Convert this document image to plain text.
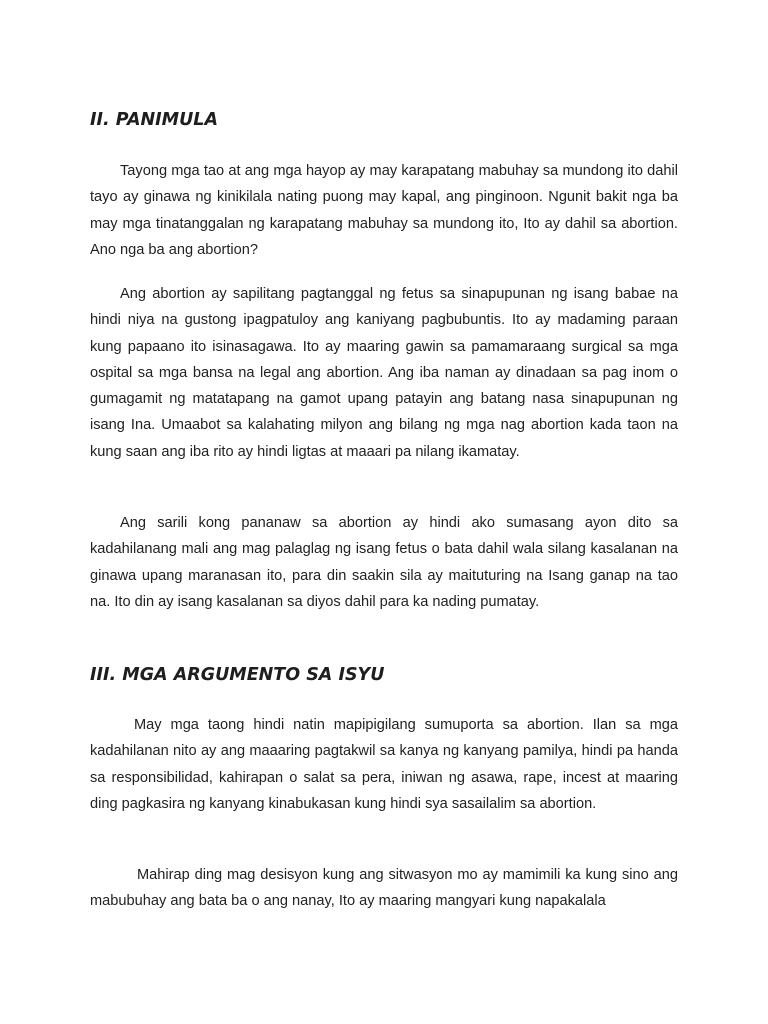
II. PANIMULA

Tayong mga tao at ang mga hayop ay may karapatang mabuhay sa mundong ito dahil tayo ay ginawa ng kinikilala nating puong may kapal, ang pinginoon. Ngunit bakit nga ba may mga tinatanggalan ng karapatang mabuhay sa mundong ito, Ito ay dahil sa abortion. Ano nga ba ang abortion?

Ang abortion ay sapilitang pagtanggal ng fetus sa sinapupunan ng isang babae na hindi niya na gustong ipagpatuloy ang kaniyang pagbubuntis. Ito ay madaming paraan kung papaano ito isinasagawa. Ito ay maaring gawin sa pamamaraang surgical sa mga ospital sa mga bansa na legal ang abortion. Ang iba naman ay dinadaan sa pag inom o gumagamit ng matatapang na gamot upang patayin ang batang nasa sinapupunan ng isang Ina. Umaabot sa kalahating milyon ang bilang ng mga nag abortion kada taon na kung saan ang iba rito ay hindi ligtas at maaari pa nilang ikamatay.

Ang sarili kong pananaw sa abortion ay hindi ako sumasang ayon dito sa kadahilanang mali ang mag palaglag ng isang fetus o bata dahil wala silang kasalanan na ginawa upang maranasan ito, para din saakin sila ay maituturing na Isang ganap na tao na. Ito din ay isang kasalanan sa diyos dahil para ka nading pumatay.

III. MGA ARGUMENTO SA ISYU

May mga taong hindi natin mapipigilang sumuporta sa abortion. Ilan sa mga kadahilanan nito ay ang maaaring pagtakwil sa kanya ng kanyang pamilya, hindi pa handa sa responsibilidad, kahirapan o salat sa pera, iniwan ng asawa, rape, incest at maaring ding pagkasira ng kanyang kinabukasan kung hindi sya sasailalim sa abortion.

Mahirap ding mag desisyon kung ang sitwasyon mo ay mamimili ka kung sino ang mabubuhay ang bata ba o ang nanay, Ito ay maaring mangyari kung napakalala
